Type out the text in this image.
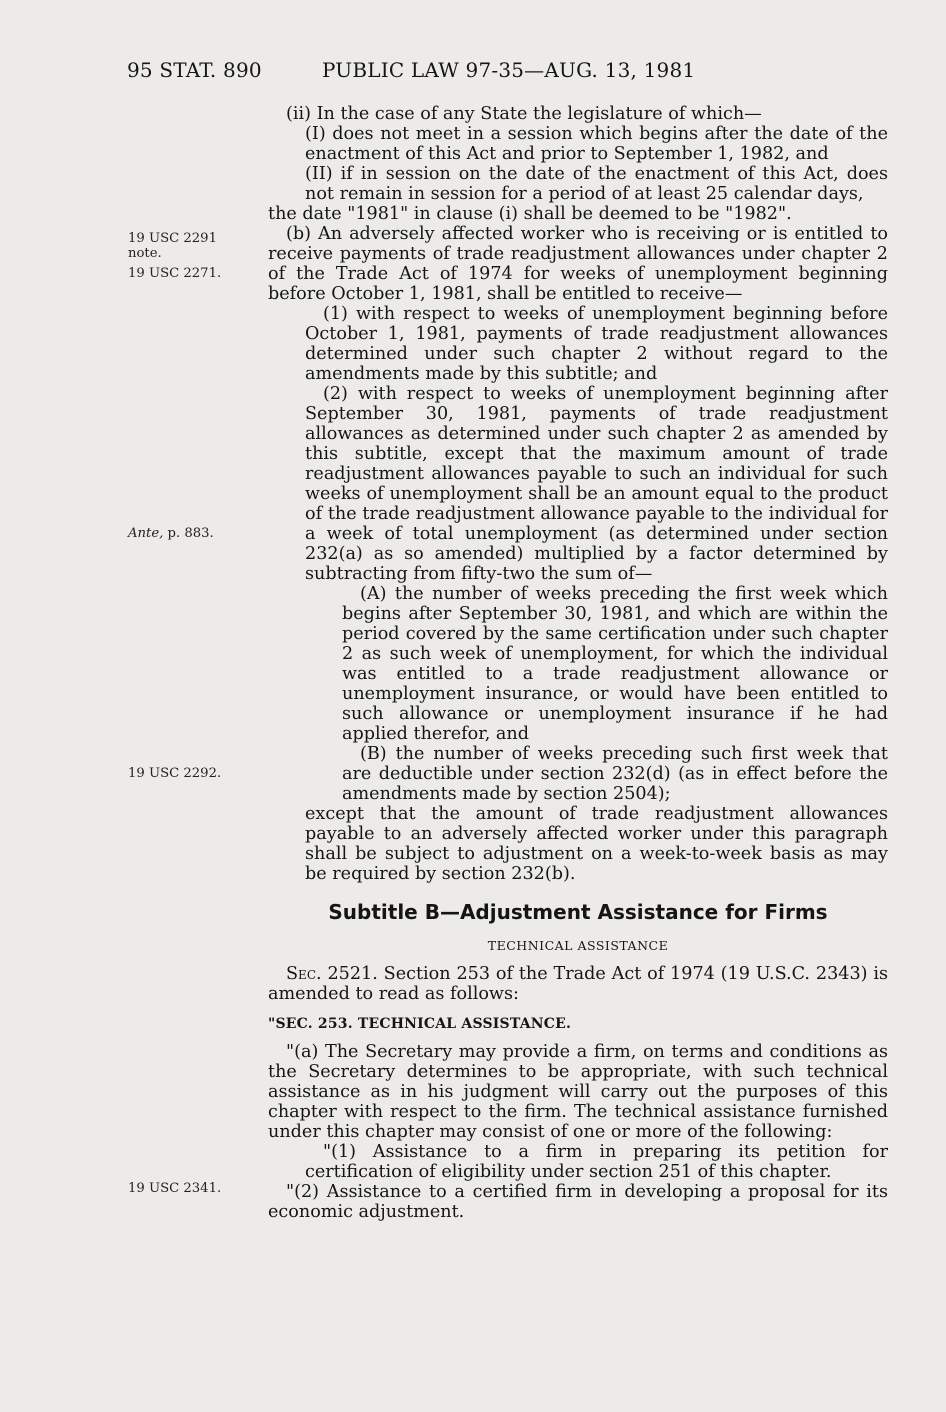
95 STAT. 890	PUBLIC LAW 97-35—AUG. 13, 1981
19 USC 2291
note.
19 USC 2271.
Ante, p. 883.
19 USC 2292.
19 USC 2341.

(ii) In the case of any State the legislature of which—

(I) does not meet in a session which begins after the date of the enactment of this Act and prior to September 1, 1982, and

(II) if in session on the date of the enactment of this Act, does not remain in session for a period of at least 25 calendar days,

the date "1981" in clause (i) shall be deemed to be "1982".

(b) An adversely affected worker who is receiving or is entitled to receive payments of trade readjustment allowances under chapter 2 of the Trade Act of 1974 for weeks of unemployment beginning before October 1, 1981, shall be entitled to receive—

(1) with respect to weeks of unemployment beginning before October 1, 1981, payments of trade readjustment allowances determined under such chapter 2 without regard to the amendments made by this subtitle; and

(2) with respect to weeks of unemployment beginning after September 30, 1981, payments of trade readjustment allowances as determined under such chapter 2 as amended by this subtitle, except that the maximum amount of trade readjustment allowances payable to such an individual for such weeks of unemployment shall be an amount equal to the product of the trade readjustment allowance payable to the individual for a week of total unemployment (as determined under section 232(a) as so amended) multiplied by a factor determined by subtracting from fifty-two the sum of—

(A) the number of weeks preceding the first week which begins after September 30, 1981, and which are within the period covered by the same certification under such chapter 2 as such week of unemployment, for which the individual was entitled to a trade readjustment allowance or unemployment insurance, or would have been entitled to such allowance or unemployment insurance if he had applied therefor, and

(B) the number of weeks preceding such first week that are deductible under section 232(d) (as in effect before the amendments made by section 2504);

except that the amount of trade readjustment allowances payable to an adversely affected worker under this paragraph shall be subject to adjustment on a week-to-week basis as may be required by section 232(b).

Subtitle B—Adjustment Assistance for Firms
TECHNICAL ASSISTANCE

Sec. 2521. Section 253 of the Trade Act of 1974 (19 U.S.C. 2343) is amended to read as follows:

"SEC. 253. TECHNICAL ASSISTANCE.

"(a) The Secretary may provide a firm, on terms and conditions as the Secretary determines to be appropriate, with such technical assistance as in his judgment will carry out the purposes of this chapter with respect to the firm. The technical assistance furnished under this chapter may consist of one or more of the following:

"(1) Assistance to a firm in preparing its petition for certification of eligibility under section 251 of this chapter.

"(2) Assistance to a certified firm in developing a proposal for its economic adjustment.
